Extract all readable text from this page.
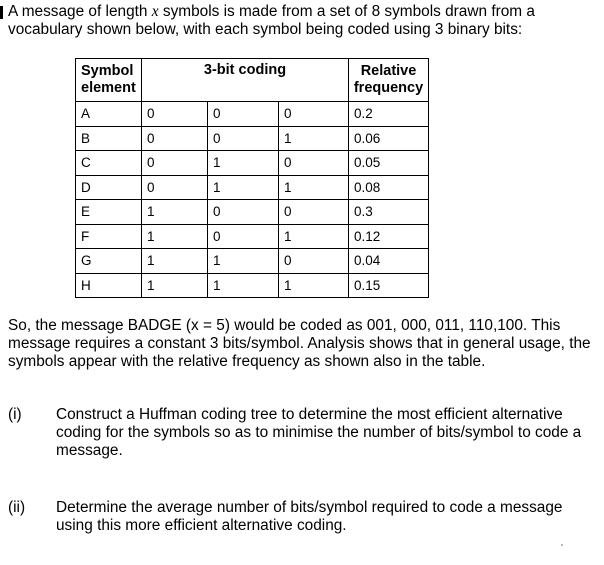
A message of length x symbols is made from a set of 8 symbols drawn from a vocabulary shown below, with each symbol being coded using 3 binary bits:
Symbol element	3-bit coding			Relative frequency
A	0	0	0	0.2
B	0	0	1	0.06
C	0	1	0	0.05
D	0	1	1	0.08
E	1	0	0	0.3
F	1	0	1	0.12
G	1	1	0	0.04
H	1	1	1	0.15
So, the message BADGE (x = 5) would be coded as 001, 000, 011, 110,100. This message requires a constant 3 bits/symbol. Analysis shows that in general usage, the symbols appear with the relative frequency as shown also in the table.
(i) Construct a Huffman coding tree to determine the most efficient alternative coding for the symbols so as to minimise the number of bits/symbol to code a message.
(ii) Determine the average number of bits/symbol required to code a message using this more efficient alternative coding.
